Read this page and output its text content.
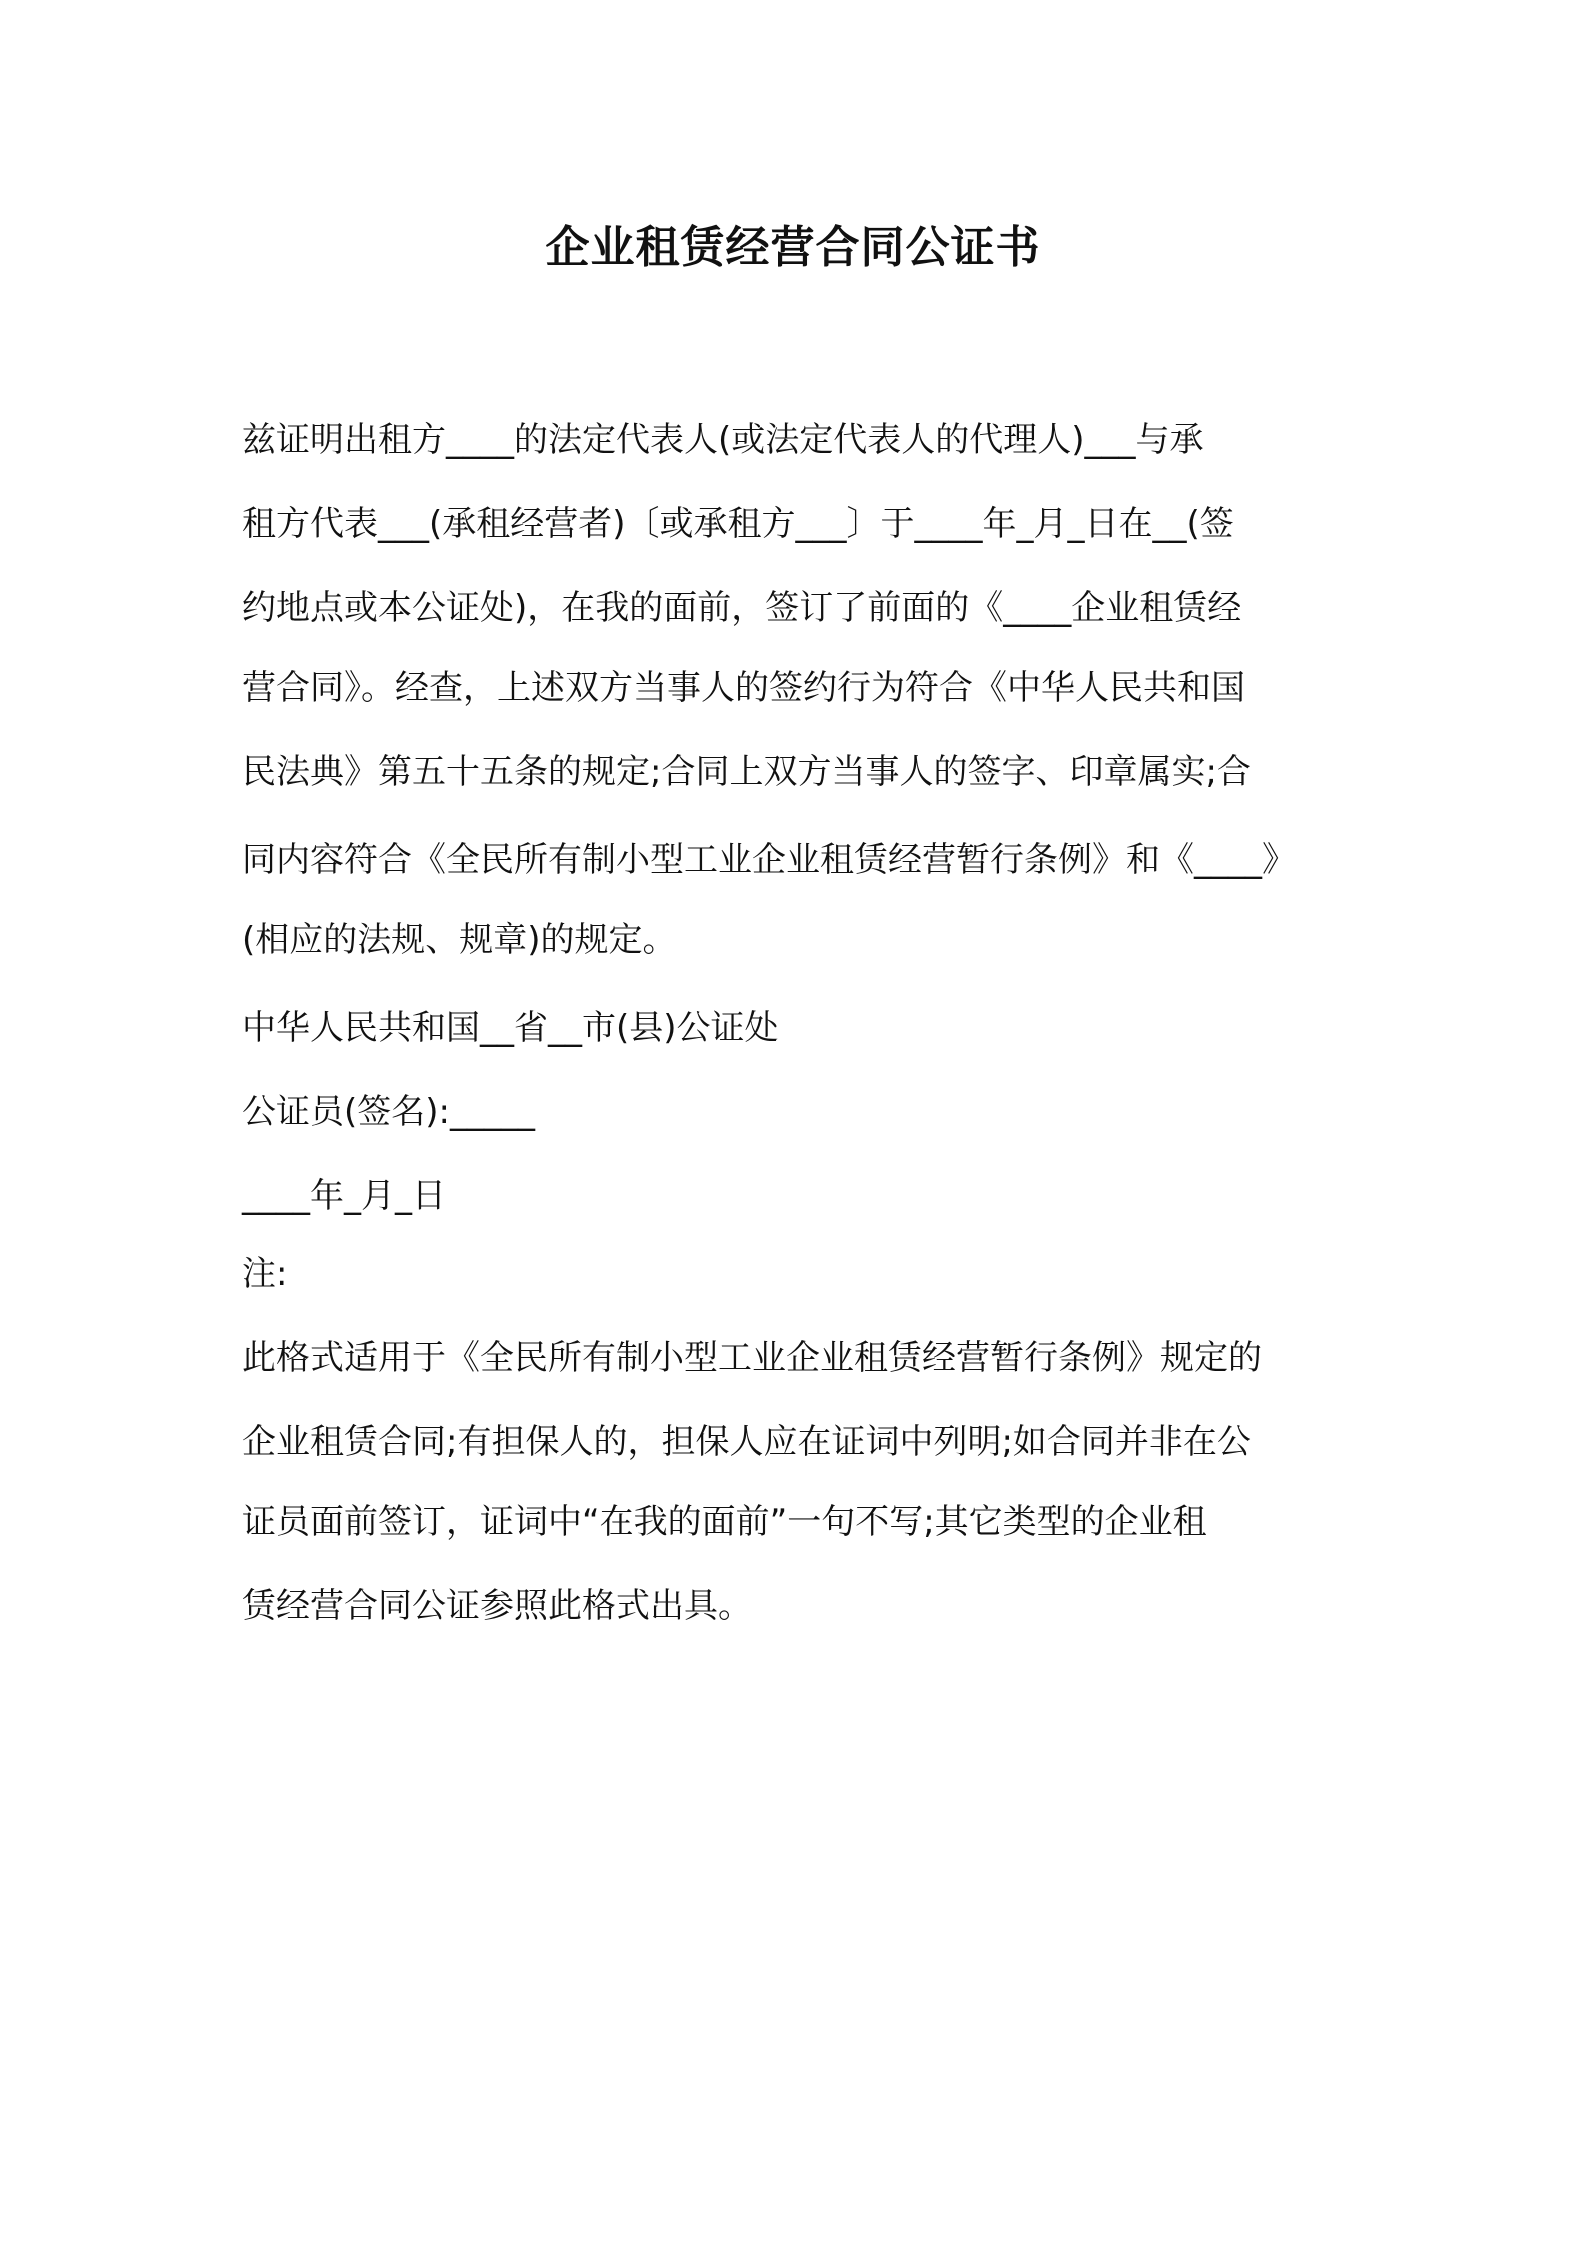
企业租赁经营合同公证书
兹证明出租方____的法定代表人(或法定代表人的代理人)___与承
租方代表___(承租经营者)〔或承租方___〕于____年_月_日在__(签
约地点或本公证处)，在我的面前，签订了前面的《____企业租赁经
营合同》。经查，上述双方当事人的签约行为符合《中华人民共和国
民法典》第五十五条的规定;合同上双方当事人的签字、印章属实;合
同内容符合《全民所有制小型工业企业租赁经营暂行条例》和《____》
(相应的法规、规章)的规定。
中华人民共和国__省__市(县)公证处
公证员(签名):_____
____年_月_日
注:
此格式适用于《全民所有制小型工业企业租赁经营暂行条例》规定的
企业租赁合同;有担保人的，担保人应在证词中列明;如合同并非在公
证员面前签订，证词中“在我的面前”一句不写;其它类型的企业租
赁经营合同公证参照此格式出具。
